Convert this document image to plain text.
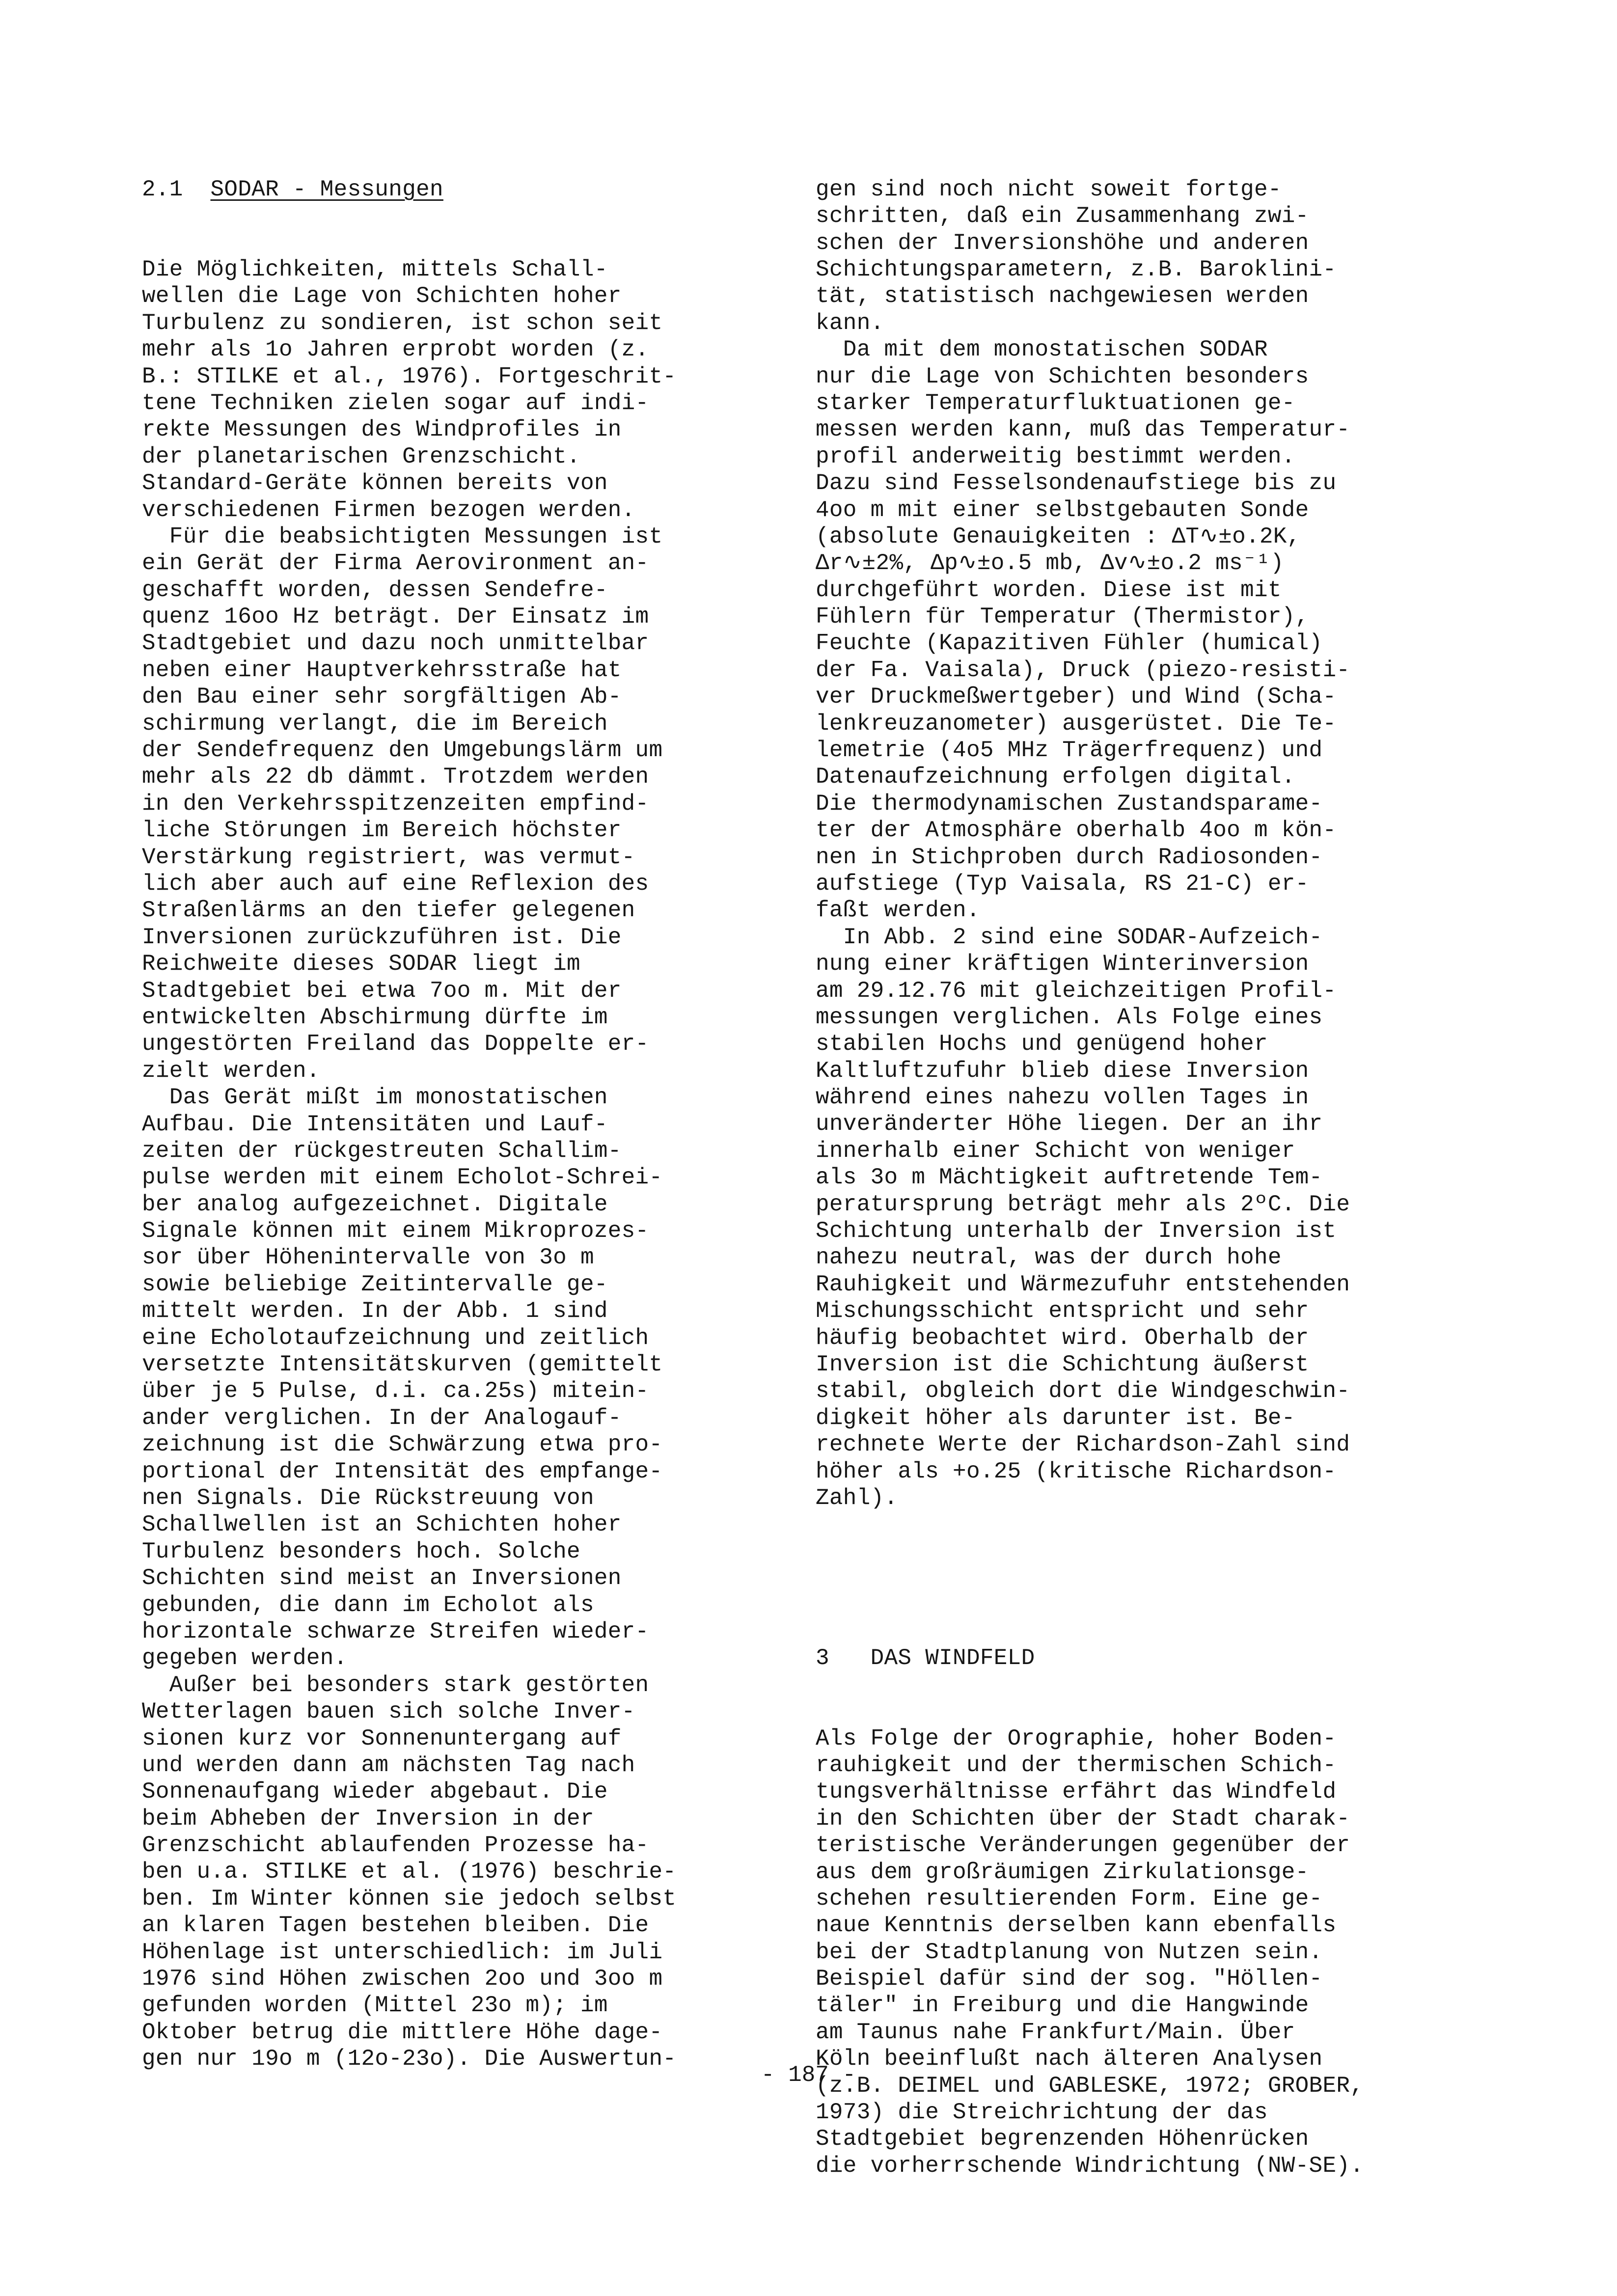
2.1 SODAR - Messungen

Die Möglichkeiten, mittels Schall-
wellen die Lage von Schichten hoher
Turbulenz zu sondieren, ist schon seit
mehr als 1o Jahren erprobt worden (z.
B.: STILKE et al., 1976). Fortgeschrit-
tene Techniken zielen sogar auf indi-
rekte Messungen des Windprofiles in
der planetarischen Grenzschicht.
Standard-Geräte können bereits von
verschiedenen Firmen bezogen werden.
Für die beabsichtigten Messungen ist
ein Gerät der Firma Aerovironment an-
geschafft worden, dessen Sendefre-
quenz 16oo Hz beträgt. Der Einsatz im
Stadtgebiet und dazu noch unmittelbar
neben einer Hauptverkehrsstraße hat
den Bau einer sehr sorgfältigen Ab-
schirmung verlangt, die im Bereich
der Sendefrequenz den Umgebungslärm um
mehr als 22 db dämmt. Trotzdem werden
in den Verkehrsspitzenzeiten empfind-
liche Störungen im Bereich höchster
Verstärkung registriert, was vermut-
lich aber auch auf eine Reflexion des
Straßenlärms an den tiefer gelegenen
Inversionen zurückzuführen ist. Die
Reichweite dieses SODAR liegt im
Stadtgebiet bei etwa 7oo m. Mit der
entwickelten Abschirmung dürfte im
ungestörten Freiland das Doppelte er-
zielt werden.
Das Gerät mißt im monostatischen
Aufbau. Die Intensitäten und Lauf-
zeiten der rückgestreuten Schallim-
pulse werden mit einem Echolot-Schrei-
ber analog aufgezeichnet. Digitale
Signale können mit einem Mikroprozes-
sor über Höhenintervalle von 3o m
sowie beliebige Zeitintervalle ge-
mittelt werden. In der Abb. 1 sind
eine Echolotaufzeichnung und zeitlich
versetzte Intensitätskurven (gemittelt
über je 5 Pulse, d.i. ca.25s) mitein-
ander verglichen. In der Analogauf-
zeichnung ist die Schwärzung etwa pro-
portional der Intensität des empfange-
nen Signals. Die Rückstreuung von
Schallwellen ist an Schichten hoher
Turbulenz besonders hoch. Solche
Schichten sind meist an Inversionen
gebunden, die dann im Echolot als
horizontale schwarze Streifen wieder-
gegeben werden.
Außer bei besonders stark gestörten
Wetterlagen bauen sich solche Inver-
sionen kurz vor Sonnenuntergang auf
und werden dann am nächsten Tag nach
Sonnenaufgang wieder abgebaut. Die
beim Abheben der Inversion in der
Grenzschicht ablaufenden Prozesse ha-
ben u.a. STILKE et al. (1976) beschrie-
ben. Im Winter können sie jedoch selbst
an klaren Tagen bestehen bleiben. Die
Höhenlage ist unterschiedlich: im Juli
1976 sind Höhen zwischen 2oo und 3oo m
gefunden worden (Mittel 23o m); im
Oktober betrug die mittlere Höhe dage-
gen nur 19o m (12o-23o). Die Auswertun-

gen sind noch nicht soweit fortge-
schritten, daß ein Zusammenhang zwi-
schen der Inversionshöhe und anderen
Schichtungsparametern, z.B. Baroklini-
tät, statistisch nachgewiesen werden
kann.
Da mit dem monostatischen SODAR
nur die Lage von Schichten besonders
starker Temperaturfluktuationen ge-
messen werden kann, muß das Temperatur-
profil anderweitig bestimmt werden.
Dazu sind Fesselsondenaufstiege bis zu
4oo m mit einer selbstgebauten Sonde
(absolute Genauigkeiten : ΔT∿±o.2K,
Δr∿±2%, Δp∿±o.5 mb, Δv∿±o.2 ms⁻¹)
durchgeführt worden. Diese ist mit
Fühlern für Temperatur (Thermistor),
Feuchte (Kapazitiven Fühler (humical)
der Fa. Vaisala), Druck (piezo-resisti-
ver Druckmeßwertgeber) und Wind (Scha-
lenkreuzanometer) ausgerüstet. Die Te-
lemetrie (4o5 MHz Trägerfrequenz) und
Datenaufzeichnung erfolgen digital.
Die thermodynamischen Zustandsparame-
ter der Atmosphäre oberhalb 4oo m kön-
nen in Stichproben durch Radiosonden-
aufstiege (Typ Vaisala, RS 21-C) er-
faßt werden.
In Abb. 2 sind eine SODAR-Aufzeich-
nung einer kräftigen Winterinversion
am 29.12.76 mit gleichzeitigen Profil-
messungen verglichen. Als Folge eines
stabilen Hochs und genügend hoher
Kaltluftzufuhr blieb diese Inversion
während eines nahezu vollen Tages in
unveränderter Höhe liegen. Der an ihr
innerhalb einer Schicht von weniger
als 3o m Mächtigkeit auftretende Tem-
peratursprung beträgt mehr als 2ºC. Die
Schichtung unterhalb der Inversion ist
nahezu neutral, was der durch hohe
Rauhigkeit und Wärmezufuhr entstehenden
Mischungsschicht entspricht und sehr
häufig beobachtet wird. Oberhalb der
Inversion ist die Schichtung äußerst
stabil, obgleich dort die Windgeschwin-
digkeit höher als darunter ist. Be-
rechnete Werte der Richardson-Zahl sind
höher als +o.25 (kritische Richardson-
Zahl).

3 DAS WINDFELD

Als Folge der Orographie, hoher Boden-
rauhigkeit und der thermischen Schich-
tungsverhältnisse erfährt das Windfeld
in den Schichten über der Stadt charak-
teristische Veränderungen gegenüber der
aus dem großräumigen Zirkulationsge-
schehen resultierenden Form. Eine ge-
naue Kenntnis derselben kann ebenfalls
bei der Stadtplanung von Nutzen sein.
Beispiel dafür sind der sog. "Höllen-
täler" in Freiburg und die Hangwinde
am Taunus nahe Frankfurt/Main. Über
Köln beeinflußt nach älteren Analysen
(z.B. DEIMEL und GABLESKE, 1972; GROBER,
1973) die Streichrichtung der das
Stadtgebiet begrenzenden Höhenrücken
die vorherrschende Windrichtung (NW-SE).

- 187 -
